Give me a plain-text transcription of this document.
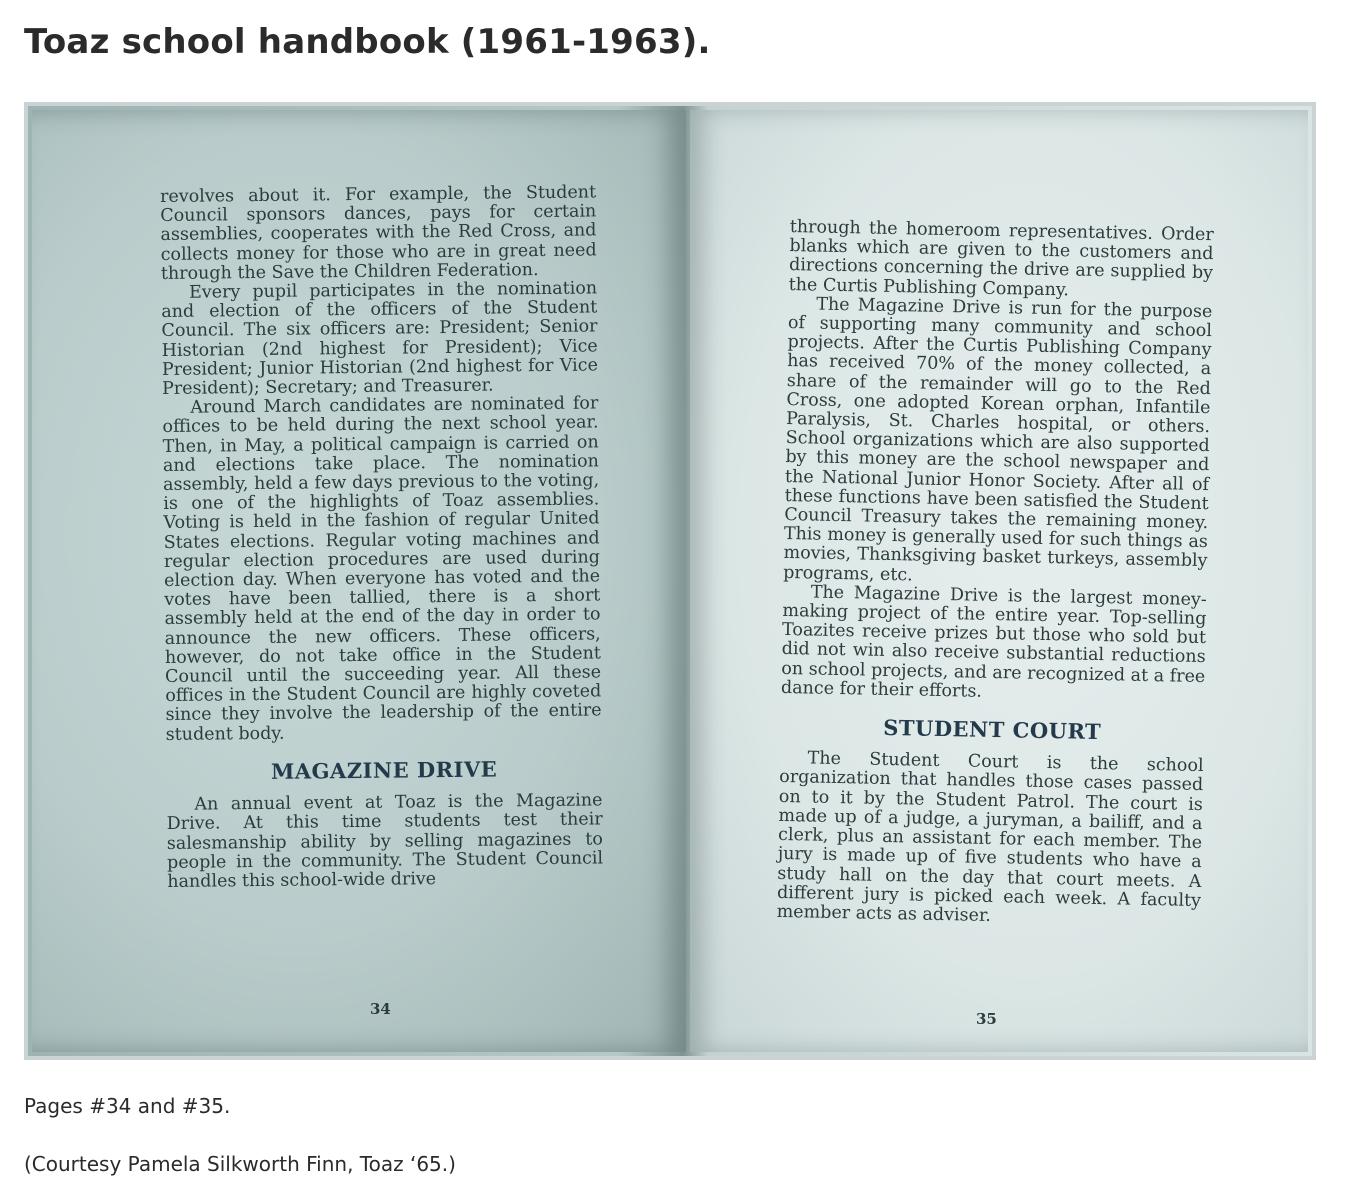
Toaz school handbook (1961-1963).

revolves about it. For example, the Student Council sponsors dances, pays for certain assemblies, cooperates with the Red Cross, and collects money for those who are in great need through the Save the Children Federation.

Every pupil participates in the nomination and election of the officers of the Student Council. The six officers are: President; Senior Historian (2nd highest for President); Vice President; Junior Historian (2nd highest for Vice President); Secretary; and Treasurer.

Around March candidates are nominated for offices to be held during the next school year. Then, in May, a political campaign is carried on and elections take place. The nomination assembly, held a few days previous to the voting, is one of the highlights of Toaz assemblies. Voting is held in the fashion of regular United States elections. Regular voting machines and regular election procedures are used during election day. When everyone has voted and the votes have been tallied, there is a short assembly held at the end of the day in order to announce the new officers. These officers, however, do not take office in the Student Council until the succeeding year. All these offices in the Student Council are highly coveted since they involve the leadership of the entire student body.

MAGAZINE DRIVE

An annual event at Toaz is the Magazine Drive. At this time students test their salesmanship ability by selling magazines to people in the community. The Student Council handles this school-wide drive

34

through the homeroom representatives. Order blanks which are given to the customers and directions concerning the drive are supplied by the Curtis Publishing Company.

The Magazine Drive is run for the purpose of supporting many community and school projects. After the Curtis Publishing Company has received 70% of the money collected, a share of the remainder will go to the Red Cross, one adopted Korean orphan, Infantile Paralysis, St. Charles hospital, or others. School organizations which are also supported by this money are the school newspaper and the National Junior Honor Society. After all of these functions have been satisfied the Student Council Treasury takes the remaining money. This money is generally used for such things as movies, Thanksgiving basket turkeys, assembly programs, etc.

The Magazine Drive is the largest money-making project of the entire year. Top-selling Toazites receive prizes but those who sold but did not win also receive substantial reductions on school projects, and are recognized at a free dance for their efforts.

STUDENT COURT

The Student Court is the school organization that handles those cases passed on to it by the Student Patrol. The court is made up of a judge, a juryman, a bailiff, and a clerk, plus an assistant for each member. The jury is made up of five students who have a study hall on the day that court meets. A different jury is picked each week. A faculty member acts as adviser.

35

Pages #34 and #35.

(Courtesy Pamela Silkworth Finn, Toaz ‘65.)
